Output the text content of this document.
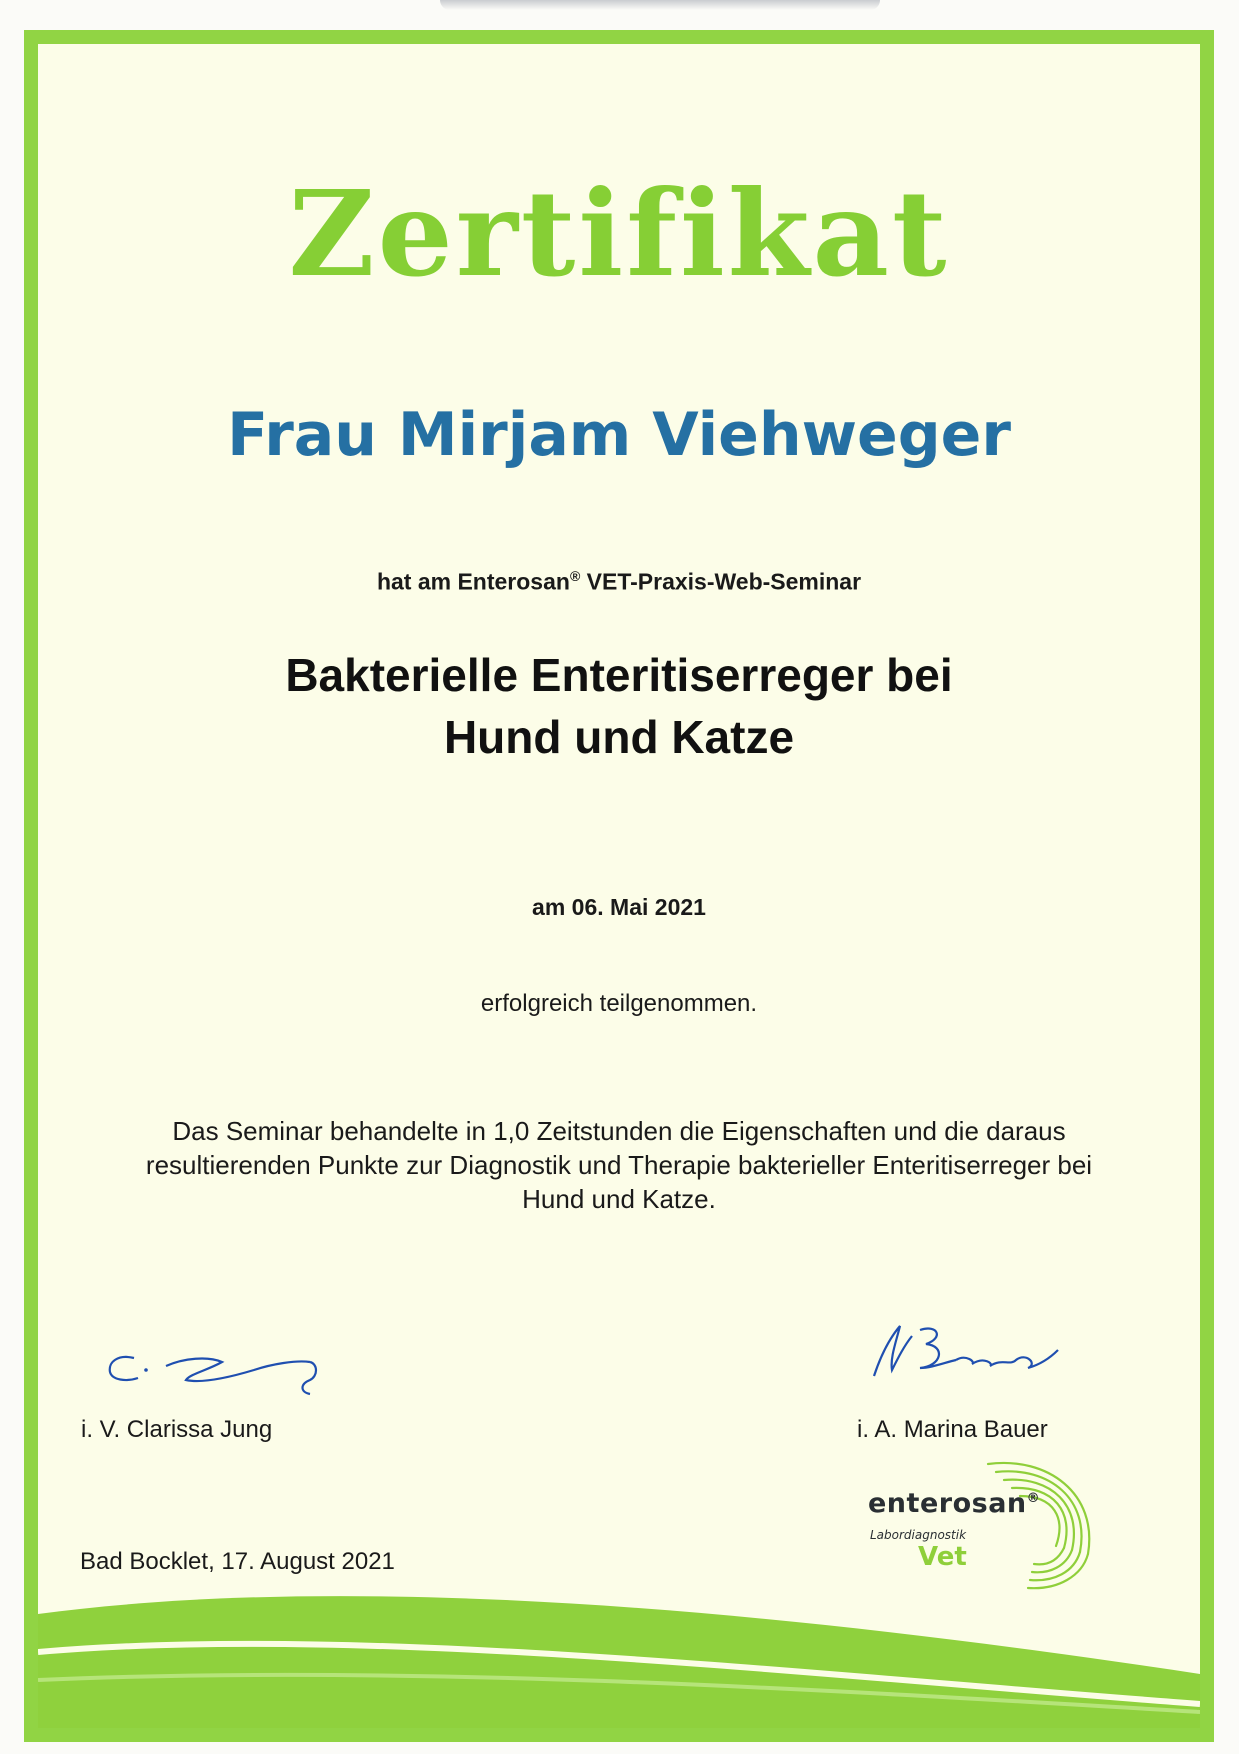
Zertifikat
Frau Mirjam Viehweger
hat am Enterosan® VET-Praxis-Web-Seminar
Bakterielle Enteritiserreger bei
Hund und Katze
am 06. Mai 2021
erfolgreich teilgenommen.
Das Seminar behandelte in 1,0 Zeitstunden die Eigenschaften und die daraus
resultierenden Punkte zur Diagnostik und Therapie bakterieller Enteritiserreger bei
Hund und Katze.
i. V. Clarissa Jung	i. A. Marina Bauer
Bad Bocklet, 17. August 2021
enterosan®
Labordiagnostik
Vet
